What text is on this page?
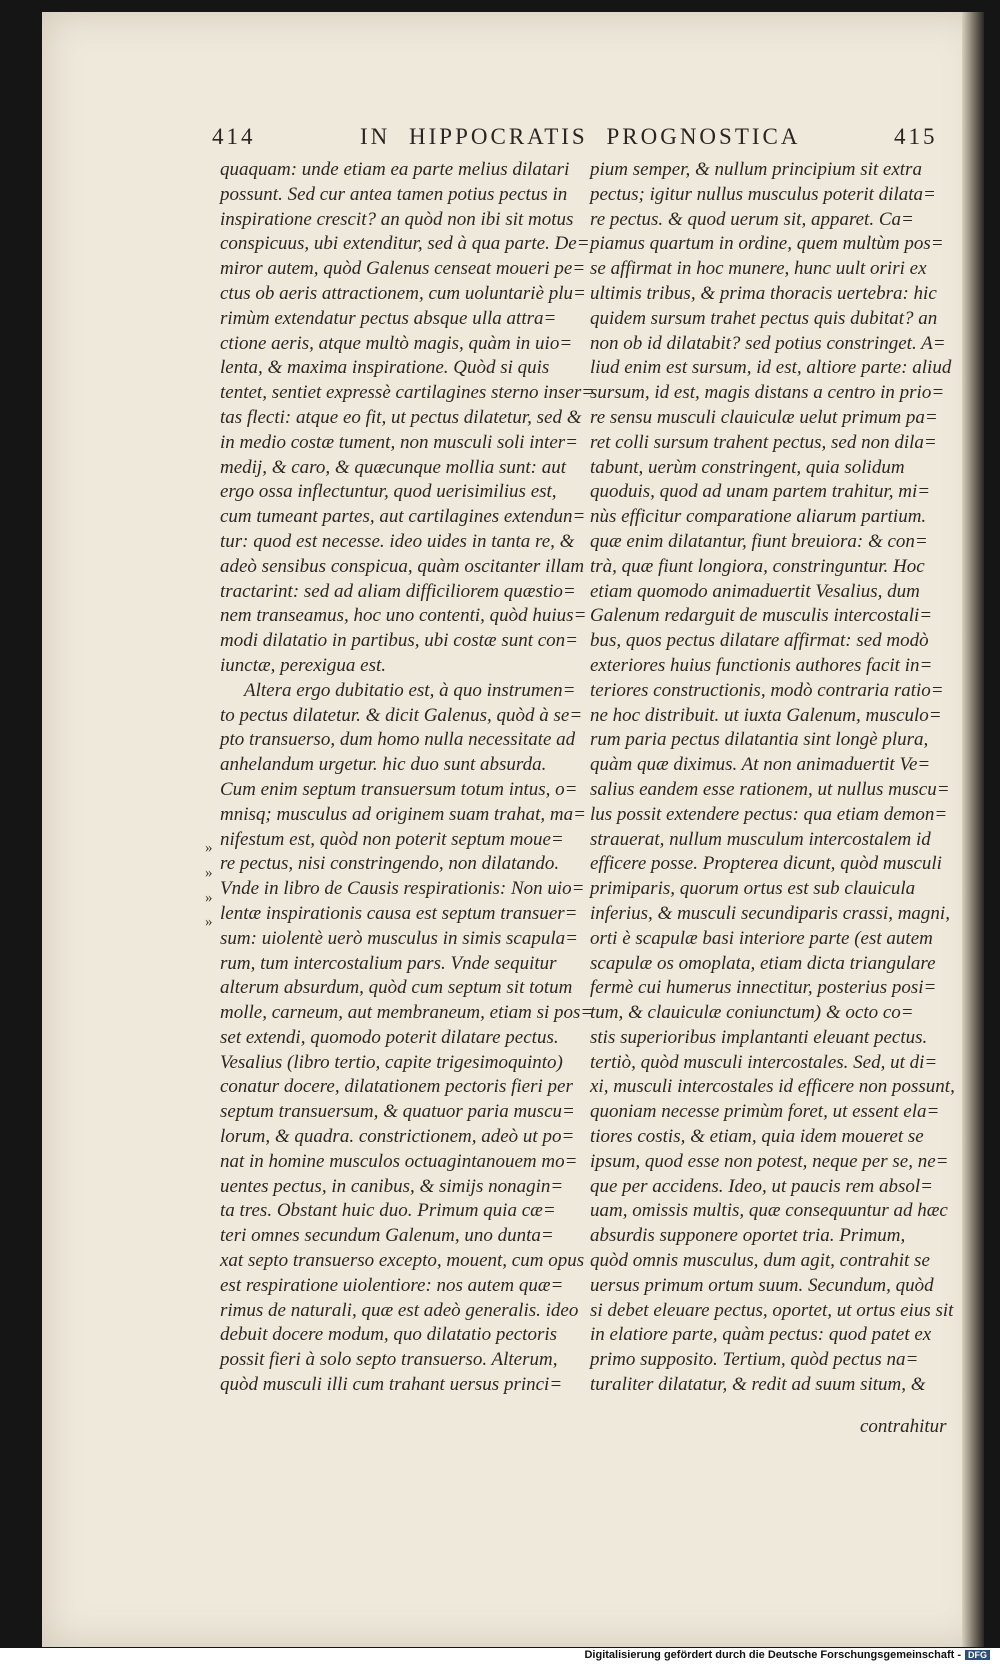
414	IN HIPPOCRATIS PROGNOSTICA	415
quaquam: unde etiam ea parte melius dilatari
possunt. Sed cur antea tamen potius pectus in
inspiratione crescit? an quòd non ibi sit motus
conspicuus, ubi extenditur, sed à qua parte. De=
miror autem, quòd Galenus censeat moueri pe=
ctus ob aeris attractionem, cum uoluntariè plu=
rimùm extendatur pectus absque ulla attra=
ctione aeris, atque multò magis, quàm in uio=
lenta, & maxima inspiratione. Quòd si quis
tentet, sentiet expressè cartilagines sterno inser=
tas flecti: atque eo fit, ut pectus dilatetur, sed &
in medio costæ tument, non musculi soli inter=
medij, & caro, & quæcunque mollia sunt: aut
ergo ossa inflectuntur, quod uerisimilius est,
cum tumeant partes, aut cartilagines extendun=
tur: quod est necesse. ideo uides in tanta re, &
adeò sensibus conspicua, quàm oscitanter illam
tractarint: sed ad aliam difficiliorem quæstio=
nem transeamus, hoc uno contenti, quòd huius=
modi dilatatio in partibus, ubi costæ sunt con=
iunctæ, perexigua est.
Altera ergo dubitatio est, à quo instrumen=
to pectus dilatetur. & dicit Galenus, quòd à se=
pto transuerso, dum homo nulla necessitate ad
anhelandum urgetur. hic duo sunt absurda.
Cum enim septum transuersum totum intus, o=
mnisq; musculus ad originem suam trahat, ma=
nifestum est, quòd non poterit septum moue=
re pectus, nisi constringendo, non dilatando.
Vnde in libro de Causis respirationis: Non uio=
lentæ inspirationis causa est septum transuer=
sum: uiolentè uerò musculus in simis scapula=
rum, tum intercostalium pars. Vnde sequitur
alterum absurdum, quòd cum septum sit totum
molle, carneum, aut membraneum, etiam si pos=
set extendi, quomodo poterit dilatare pectus.
Vesalius (libro tertio, capite trigesimoquinto)
conatur docere, dilatationem pectoris fieri per
septum transuersum, & quatuor paria muscu=
lorum, & quadra. constrictionem, adeò ut po=
nat in homine musculos octuagintanouem mo=
uentes pectus, in canibus, & simijs nonagin=
ta tres. Obstant huic duo. Primum quia cæ=
teri omnes secundum Galenum, uno dunta=
xat septo transuerso excepto, mouent, cum opus
est respiratione uiolentiore: nos autem quæ=
rimus de naturali, quæ est adeò generalis. ideo
debuit docere modum, quo dilatatio pectoris
possit fieri à solo septo transuerso. Alterum,
quòd musculi illi cum trahant uersus princi=
pium semper, & nullum principium sit extra
pectus; igitur nullus musculus poterit dilata=
re pectus. & quod uerum sit, apparet. Ca=
piamus quartum in ordine, quem multùm pos=
se affirmat in hoc munere, hunc uult oriri ex
ultimis tribus, & prima thoracis uertebra: hic
quidem sursum trahet pectus quis dubitat? an
non ob id dilatabit? sed potius constringet. A=
liud enim est sursum, id est, altiore parte: aliud
sursum, id est, magis distans a centro in prio=
re sensu musculi clauiculæ uelut primum pa=
ret colli sursum trahent pectus, sed non dila=
tabunt, uerùm constringent, quia solidum
quoduis, quod ad unam partem trahitur, mi=
nùs efficitur comparatione aliarum partium.
quæ enim dilatantur, fiunt breuiora: & con=
trà, quæ fiunt longiora, constringuntur. Hoc
etiam quomodo animaduertit Vesalius, dum
Galenum redarguit de musculis intercostali=
bus, quos pectus dilatare affirmat: sed modò
exteriores huius functionis authores facit in=
teriores constructionis, modò contraria ratio=
ne hoc distribuit. ut iuxta Galenum, musculo=
rum paria pectus dilatantia sint longè plura,
quàm quæ diximus. At non animaduertit Ve=
salius eandem esse rationem, ut nullus muscu=
lus possit extendere pectus: qua etiam demon=
strauerat, nullum musculum intercostalem id
efficere posse. Propterea dicunt, quòd musculi
primiparis, quorum ortus est sub clauicula
inferius, & musculi secundiparis crassi, magni,
orti è scapulæ basi interiore parte (est autem
scapulæ os omoplata, etiam dicta triangulare
fermè cui humerus innectitur, posterius posi=
tum, & clauiculæ coniunctum) & octo co=
stis superioribus implantanti eleuant pectus.
tertiò, quòd musculi intercostales. Sed, ut di=
xi, musculi intercostales id efficere non possunt,
quoniam necesse primùm foret, ut essent ela=
tiores costis, & etiam, quia idem moueret se
ipsum, quod esse non potest, neque per se, ne=
que per accidens. Ideo, ut paucis rem absol=
uam, omissis multis, quæ consequuntur ad hæc
absurdis supponere oportet tria. Primum,
quòd omnis musculus, dum agit, contrahit se
uersus primum ortum suum. Secundum, quòd
si debet eleuare pectus, oportet, ut ortus eius sit
in elatiore parte, quàm pectus: quod patet ex
primo supposito. Tertium, quòd pectus na=
turaliter dilatatur, & redit ad suum situm, &
»
»
»
»
contrahitur
Digitalisierung gefördert durch die Deutsche Forschungsgemeinschaft - DFG
